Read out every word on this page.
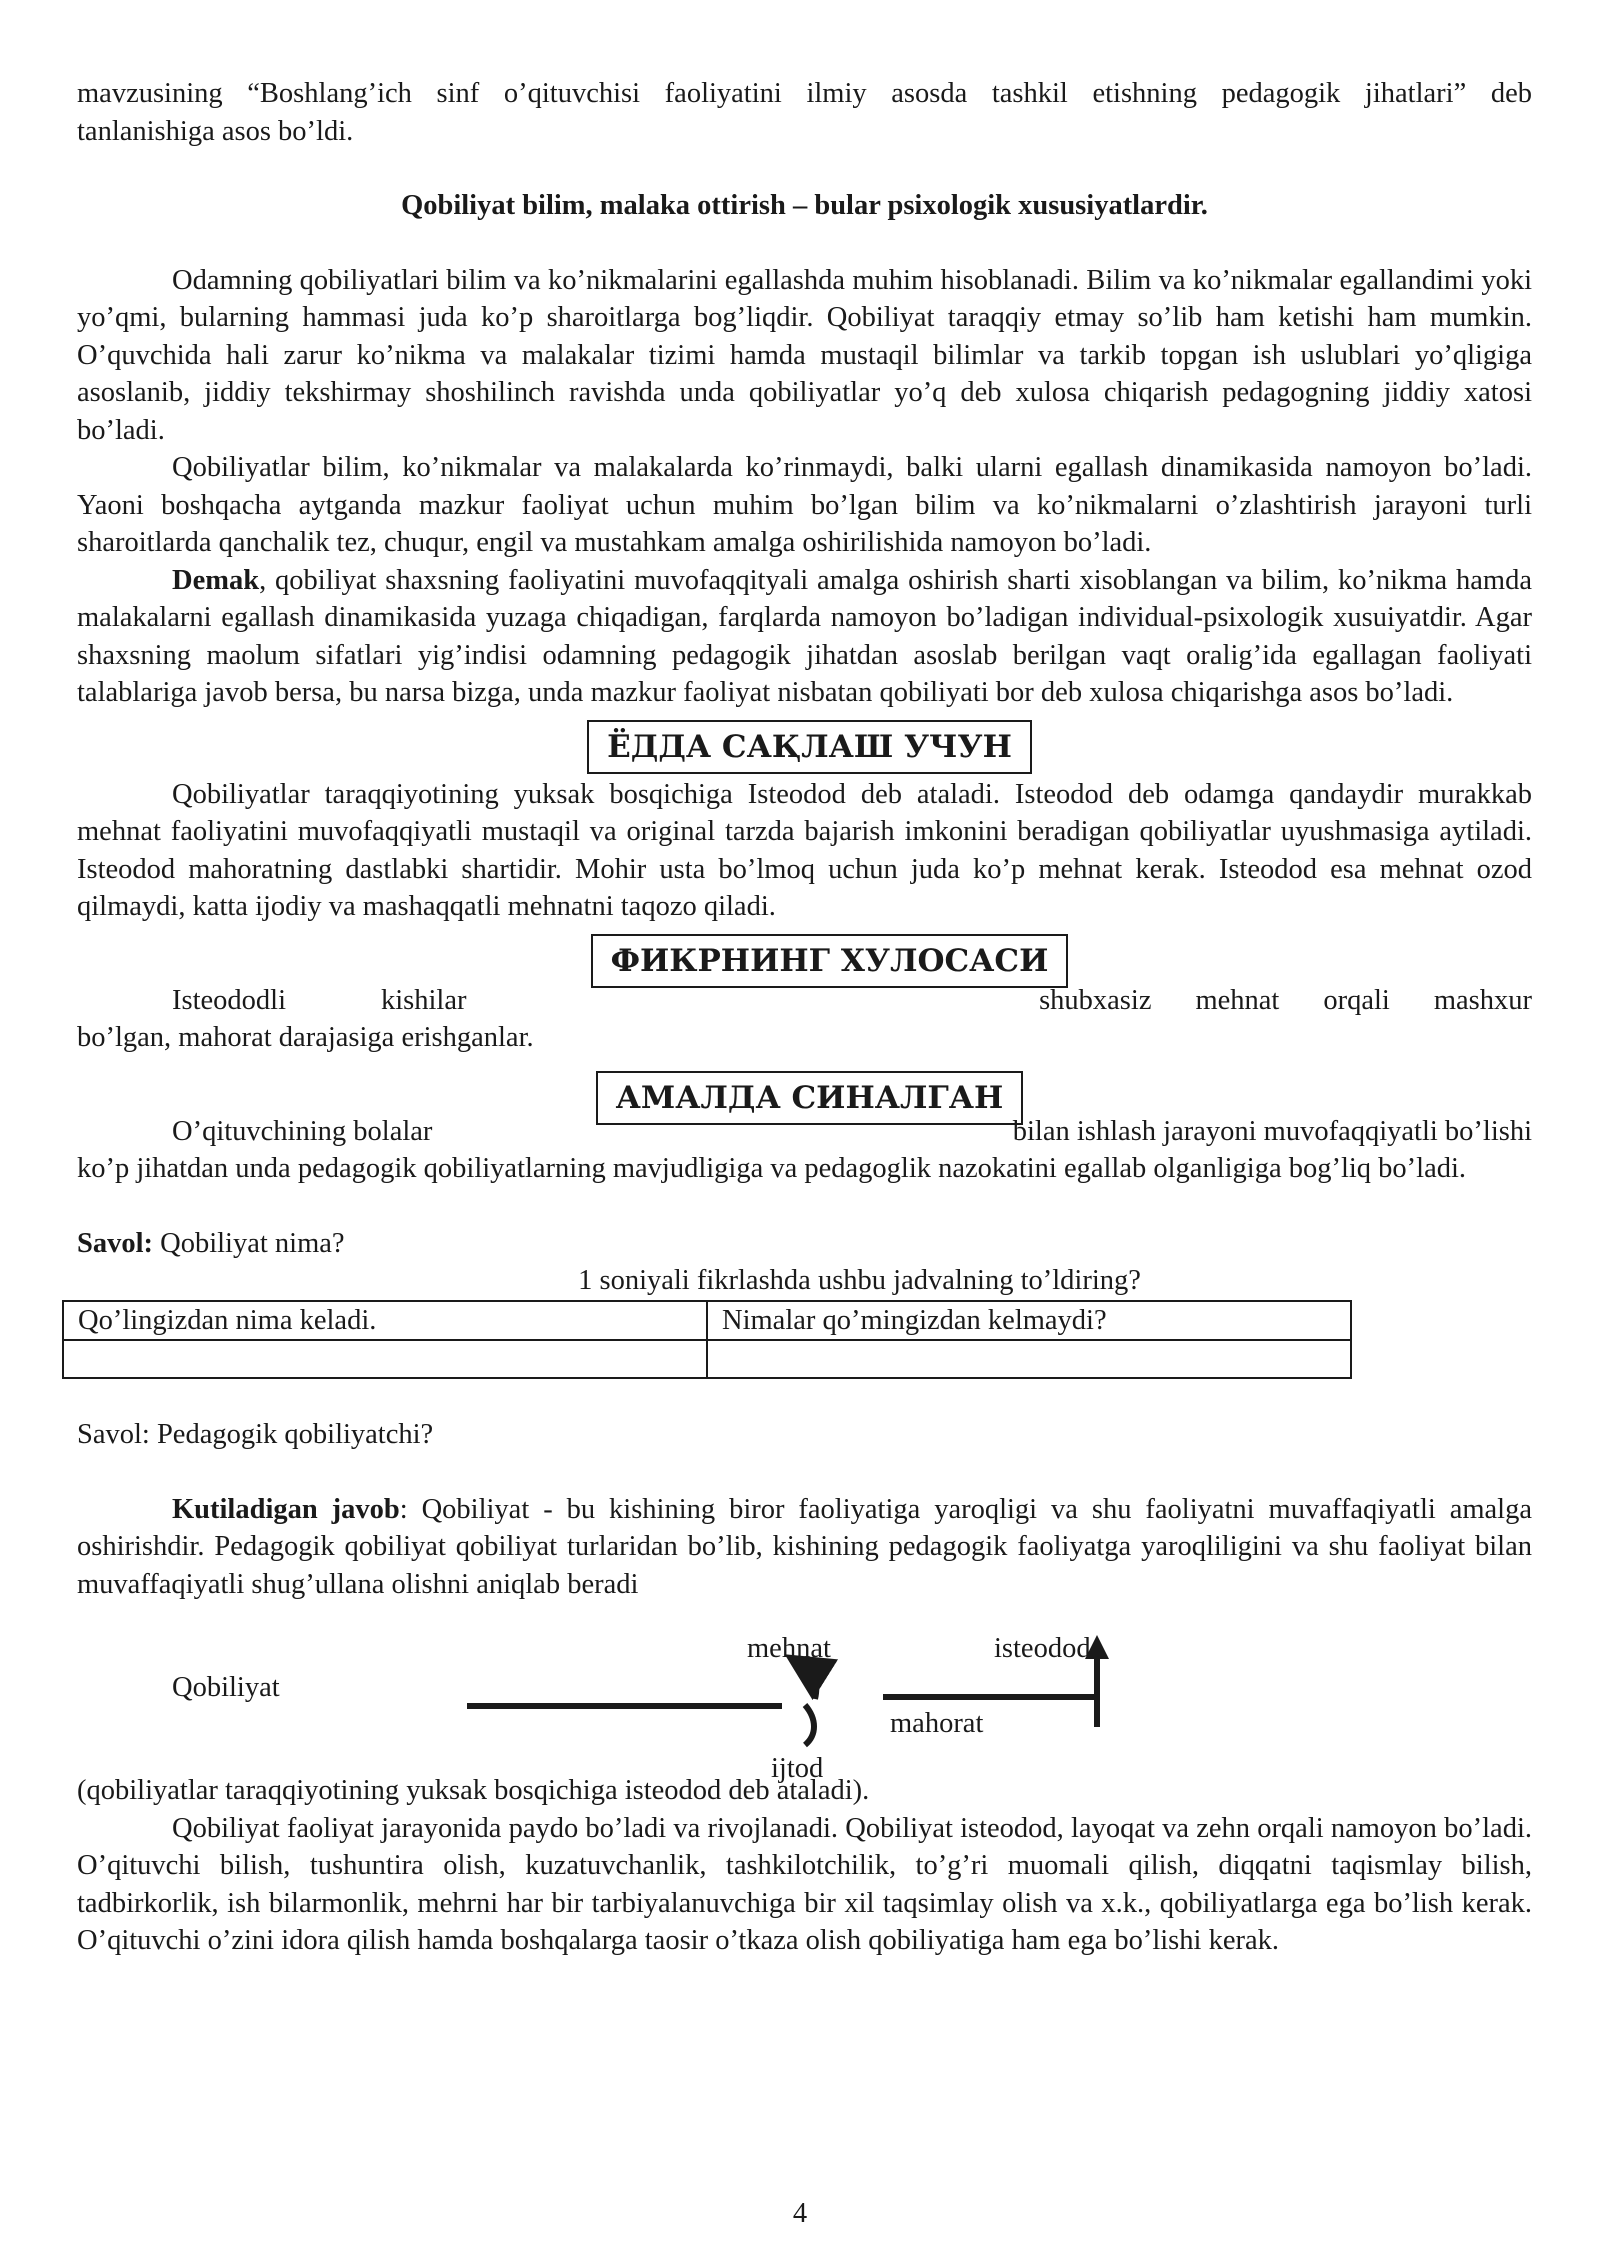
mavzusining “Boshlang’ich sinf o’qituvchisi faoliyatini ilmiy asosda tashkil etishning pedagogik jihatlari” deb

tanlanishiga asos bo’ldi.

Qobiliyat bilim, malaka ottirish – bular psixologik xususiyatlardir.

Odamning qobiliyatlari bilim va ko’nikmalarini egallashda muhim hisoblanadi. Bilim va ko’nikmalar egallandimi yoki yo’qmi, bularning hammasi juda ko’p sharoitlarga bog’liqdir. Qobiliyat taraqqiy etmay so’lib ham ketishi ham mumkin. O’quvchida hali zarur ko’nikma va malakalar tizimi hamda mustaqil bilimlar va tarkib topgan ish uslublari yo’qligiga asoslanib, jiddiy tekshirmay shoshilinch ravishda unda qobiliyatlar yo’q deb xulosa chiqarish pedagogning jiddiy xatosi bo’ladi.

Qobiliyatlar bilim, ko’nikmalar va malakalarda ko’rinmaydi, balki ularni egallash dinamikasida namoyon bo’ladi. Yaoni boshqacha aytganda mazkur faoliyat uchun muhim bo’lgan bilim va ko’nikmalarni o’zlashtirish jarayoni turli sharoitlarda qanchalik tez, chuqur, engil va mustahkam amalga oshirilishida namoyon bo’ladi.

Demak, qobiliyat shaxsning faoliyatini muvofaqqityali amalga oshirish sharti xisoblangan va bilim, ko’nikma hamda malakalarni egallash dinamikasida yuzaga chiqadigan, farqlarda namoyon bo’ladigan individual-psixologik xusuiyatdir. Agar shaxsning maolum sifatlari yig’indisi odamning pedagogik jihatdan asoslab berilgan vaqt oralig’ida egallagan faoliyati talablariga javob bersa, bu narsa bizga, unda mazkur faoliyat nisbatan qobiliyati bor deb xulosa chiqarishga asos bo’ladi.

ЁДДА САҚЛАШ УЧУН

Qobiliyatlar taraqqiyotining yuksak bosqichiga Isteodod deb ataladi. Isteodod deb odamga qandaydir murakkab mehnat faoliyatini muvofaqqiyatli mustaqil va original tarzda bajarish imkonini beradigan qobiliyatlar uyushmasiga aytiladi. Isteodod mahoratning dastlabki shartidir. Mohir usta bo’lmoq uchun juda ko’p mehnat kerak. Isteodod esa mehnat ozod qilmaydi, katta ijodiy va mashaqqatli mehnatni taqozo qiladi.

ФИКРНИНГ ХУЛОСАСИ
Isteododli	kishilar	shubxasiz mehnat orqali mashxur

bo’lgan, mahorat darajasiga erishganlar.

АМАЛДА СИНАЛГАН
O’qituvchining bolalar	bilan ishlash jarayoni muvofaqqiyatli bo’lishi

ko’p jihatdan unda pedagogik qobiliyatlarning mavjudligiga va pedagoglik nazokatini egallab olganligiga bog’liq bo’ladi.

Savol: Qobiliyat nima?

1 soniyali fikrlashda ushbu jadvalning to’ldiring?

Qo’lingizdan nima keladi.	Nimalar qo’mingizdan kelmaydi?

Savol: Pedagogik qobiliyatchi?

Kutiladigan javob: Qobiliyat - bu kishining biror faoliyatiga yaroqligi va shu faoliyatni muvaffaqiyatli amalga oshirishdir. Pedagogik qobiliyat qobiliyat turlaridan bo’lib, kishining pedagogik faoliyatga yaroqliligini va shu faoliyat bilan muvaffaqiyatli shug’ullana olishni aniqlab beradi

Qobiliyat
mehnat	isteodod
mahorat
ijtod

(qobiliyatlar taraqqiyotining yuksak bosqichiga isteodod deb ataladi).

Qobiliyat faoliyat jarayonida paydo bo’ladi va rivojlanadi. Qobiliyat isteodod, layoqat va zehn orqali namoyon bo’ladi. O’qituvchi bilish, tushuntira olish, kuzatuvchanlik, tashkilotchilik, to’g’ri muomali qilish, diqqatni taqismlay bilish, tadbirkorlik, ish bilarmonlik, mehrni har bir tarbiyalanuvchiga bir xil taqsimlay olish va x.k., qobiliyatlarga ega bo’lish kerak. O’qituvchi o’zini idora qilish hamda boshqalarga taosir o’tkaza olish qobiliyatiga ham ega bo’lishi kerak.

4
